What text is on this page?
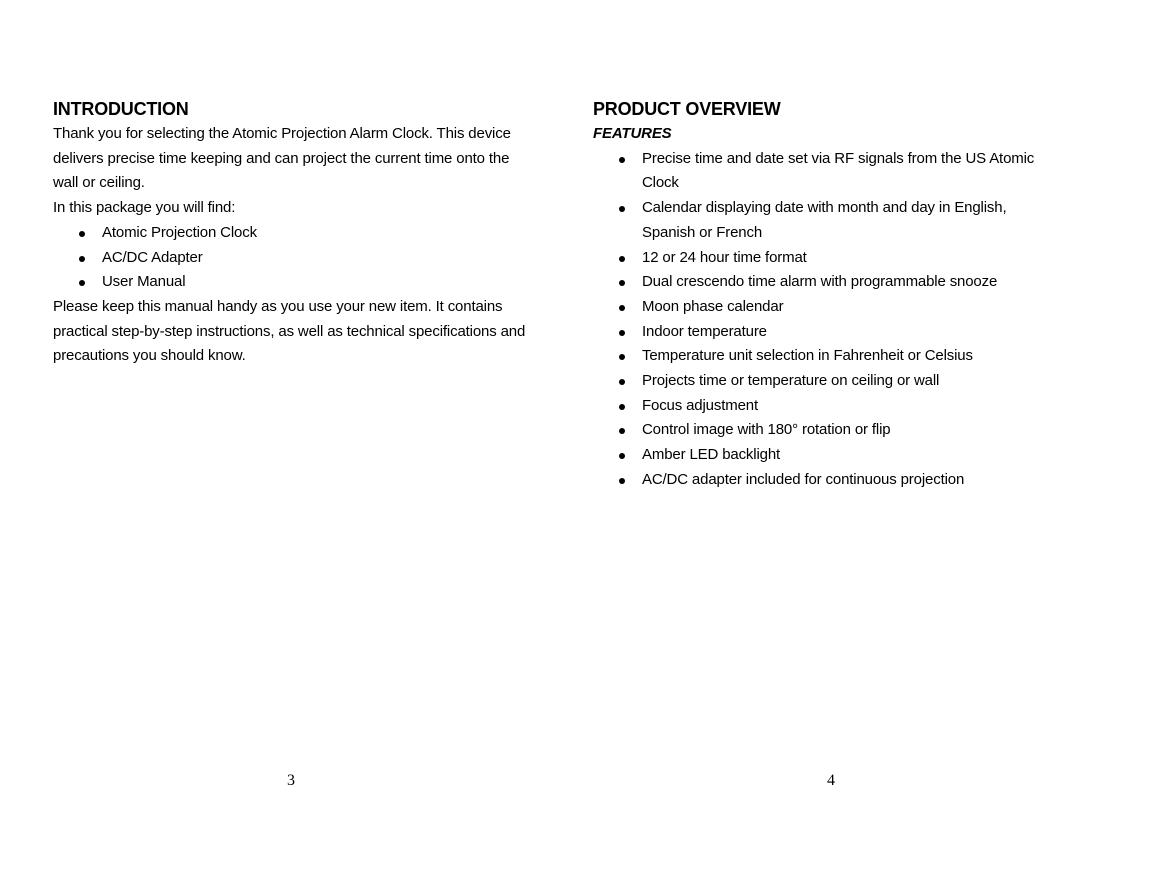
INTRODUCTION

Thank you for selecting the Atomic Projection Alarm Clock. This device delivers precise time keeping and can project the current time onto the wall or ceiling.

In this package you will find:

Atomic Projection Clock
AC/DC Adapter
User Manual

Please keep this manual handy as you use your new item. It contains practical step-by-step instructions, as well as technical specifications and precautions you should know.

3
PRODUCT OVERVIEW

FEATURES

Precise time and date set via RF signals from the US Atomic Clock
Calendar displaying date with month and day in English, Spanish or French
12 or 24 hour time format
Dual crescendo time alarm with programmable snooze
Moon phase calendar
Indoor temperature
Temperature unit selection in Fahrenheit or Celsius
Projects time or temperature on ceiling or wall
Focus adjustment
Control image with 180° rotation or flip
Amber LED backlight
AC/DC adapter included for continuous projection
4
